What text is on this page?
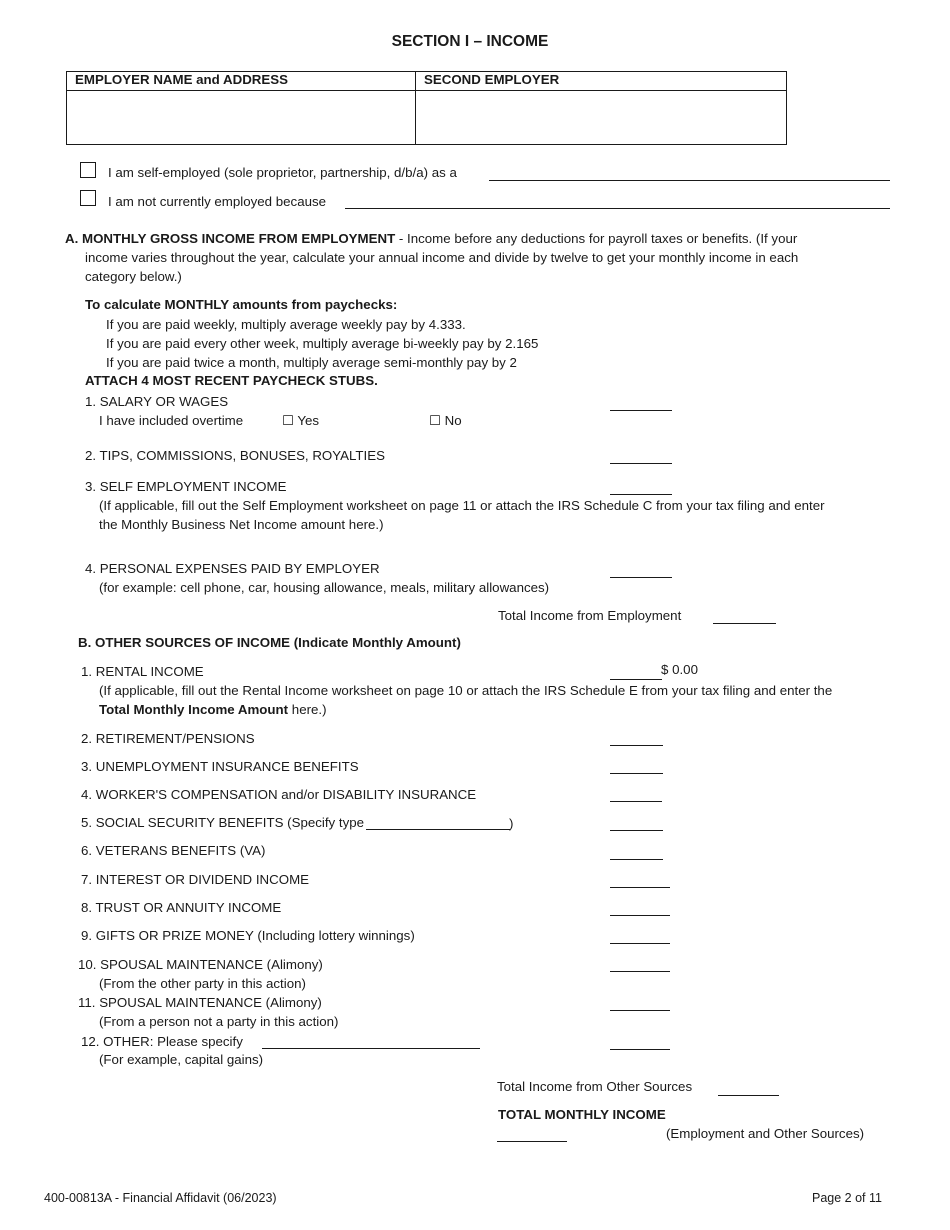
SECTION I – INCOME
EMPLOYER NAME and ADDRESS	SECOND EMPLOYER

I am self-employed (sole proprietor, partnership, d/b/a) as a
I am not currently employed because
A. MONTHLY GROSS INCOME FROM EMPLOYMENT - Income before any deductions for payroll taxes or benefits. (If your
income varies throughout the year, calculate your annual income and divide by twelve to get your monthly income in each
category below.)
To calculate MONTHLY amounts from paychecks:
If you are paid weekly, multiply average weekly pay by 4.333.
If you are paid every other week, multiply average bi-weekly pay by 2.165
If you are paid twice a month, multiply average semi-monthly pay by 2
ATTACH 4 MOST RECENT PAYCHECK STUBS.
1. SALARY OR WAGES
I have included overtime	☐ Yes	☐ No
2. TIPS, COMMISSIONS, BONUSES, ROYALTIES
3. SELF EMPLOYMENT INCOME
(If applicable, fill out the Self Employment worksheet on page 11 or attach the IRS Schedule C from your tax filing and enter
the Monthly Business Net Income amount here.)
4. PERSONAL EXPENSES PAID BY EMPLOYER
(for example: cell phone, car, housing allowance, meals, military allowances)
Total Income from Employment
B. OTHER SOURCES OF INCOME (Indicate Monthly Amount)
1. RENTAL INCOME	$ 0.00
(If applicable, fill out the Rental Income worksheet on page 10 or attach the IRS Schedule E from your tax filing and enter the
Total Monthly Income Amount here.)
2. RETIREMENT/PENSIONS
3. UNEMPLOYMENT INSURANCE BENEFITS
4. WORKER'S COMPENSATION and/or DISABILITY INSURANCE
5. SOCIAL SECURITY BENEFITS (Specify type	)
6. VETERANS BENEFITS (VA)
7. INTEREST OR DIVIDEND INCOME
8. TRUST OR ANNUITY INCOME
9. GIFTS OR PRIZE MONEY (Including lottery winnings)
10. SPOUSAL MAINTENANCE (Alimony)
(From the other party in this action)
11. SPOUSAL MAINTENANCE (Alimony)
(From a person not a party in this action)
12. OTHER: Please specify
(For example, capital gains)
Total Income from Other Sources
TOTAL MONTHLY INCOME
(Employment and Other Sources)
400-00813A - Financial Affidavit (06/2023)	Page 2 of 11
